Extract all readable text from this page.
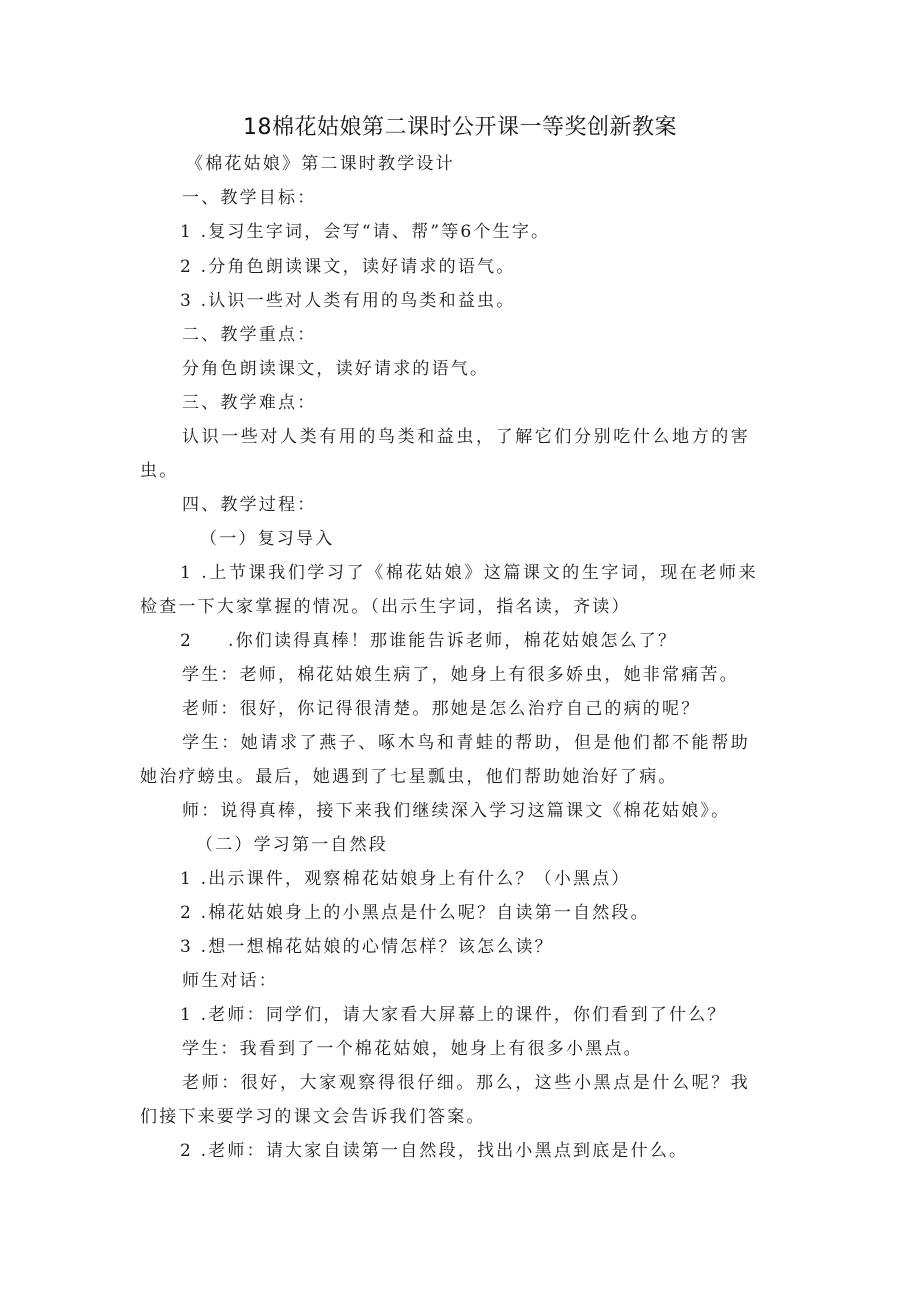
18棉花姑娘第二课时公开课一等奖创新教案
《棉花姑娘》第二课时教学设计
一、教学目标：
1 .复习生字词，会写“请、帮”等6个生字。
2 .分角色朗读课文，读好请求的语气。
3 .认识一些对人类有用的鸟类和益虫。
二、教学重点：
分角色朗读课文，读好请求的语气。
三、教学难点：
认识一些对人类有用的鸟类和益虫，了解它们分别吃什么地方的害
虫。
四、教学过程：
（一）复习导入
1 .上节课我们学习了《棉花姑娘》这篇课文的生字词，现在老师来
检查一下大家掌握的情况。（出示生字词，指名读，齐读）
2 .你们读得真棒！那谁能告诉老师，棉花姑娘怎么了？
学生：老师，棉花姑娘生病了，她身上有很多娇虫，她非常痛苦。
老师：很好，你记得很清楚。那她是怎么治疗自己的病的呢？
学生：她请求了燕子、啄木鸟和青蛙的帮助，但是他们都不能帮助
她治疗螃虫。最后，她遇到了七星瓢虫，他们帮助她治好了病。
师：说得真棒，接下来我们继续深入学习这篇课文《棉花姑娘》。
（二）学习第一自然段
1 .出示课件，观察棉花姑娘身上有什么？（小黑点）
2 .棉花姑娘身上的小黑点是什么呢？自读第一自然段。
3 .想一想棉花姑娘的心情怎样？该怎么读？
师生对话：
1 .老师：同学们，请大家看大屏幕上的课件，你们看到了什么？
学生：我看到了一个棉花姑娘，她身上有很多小黑点。
老师：很好，大家观察得很仔细。那么，这些小黑点是什么呢？我
们接下来要学习的课文会告诉我们答案。
2 .老师：请大家自读第一自然段，找出小黑点到底是什么。
